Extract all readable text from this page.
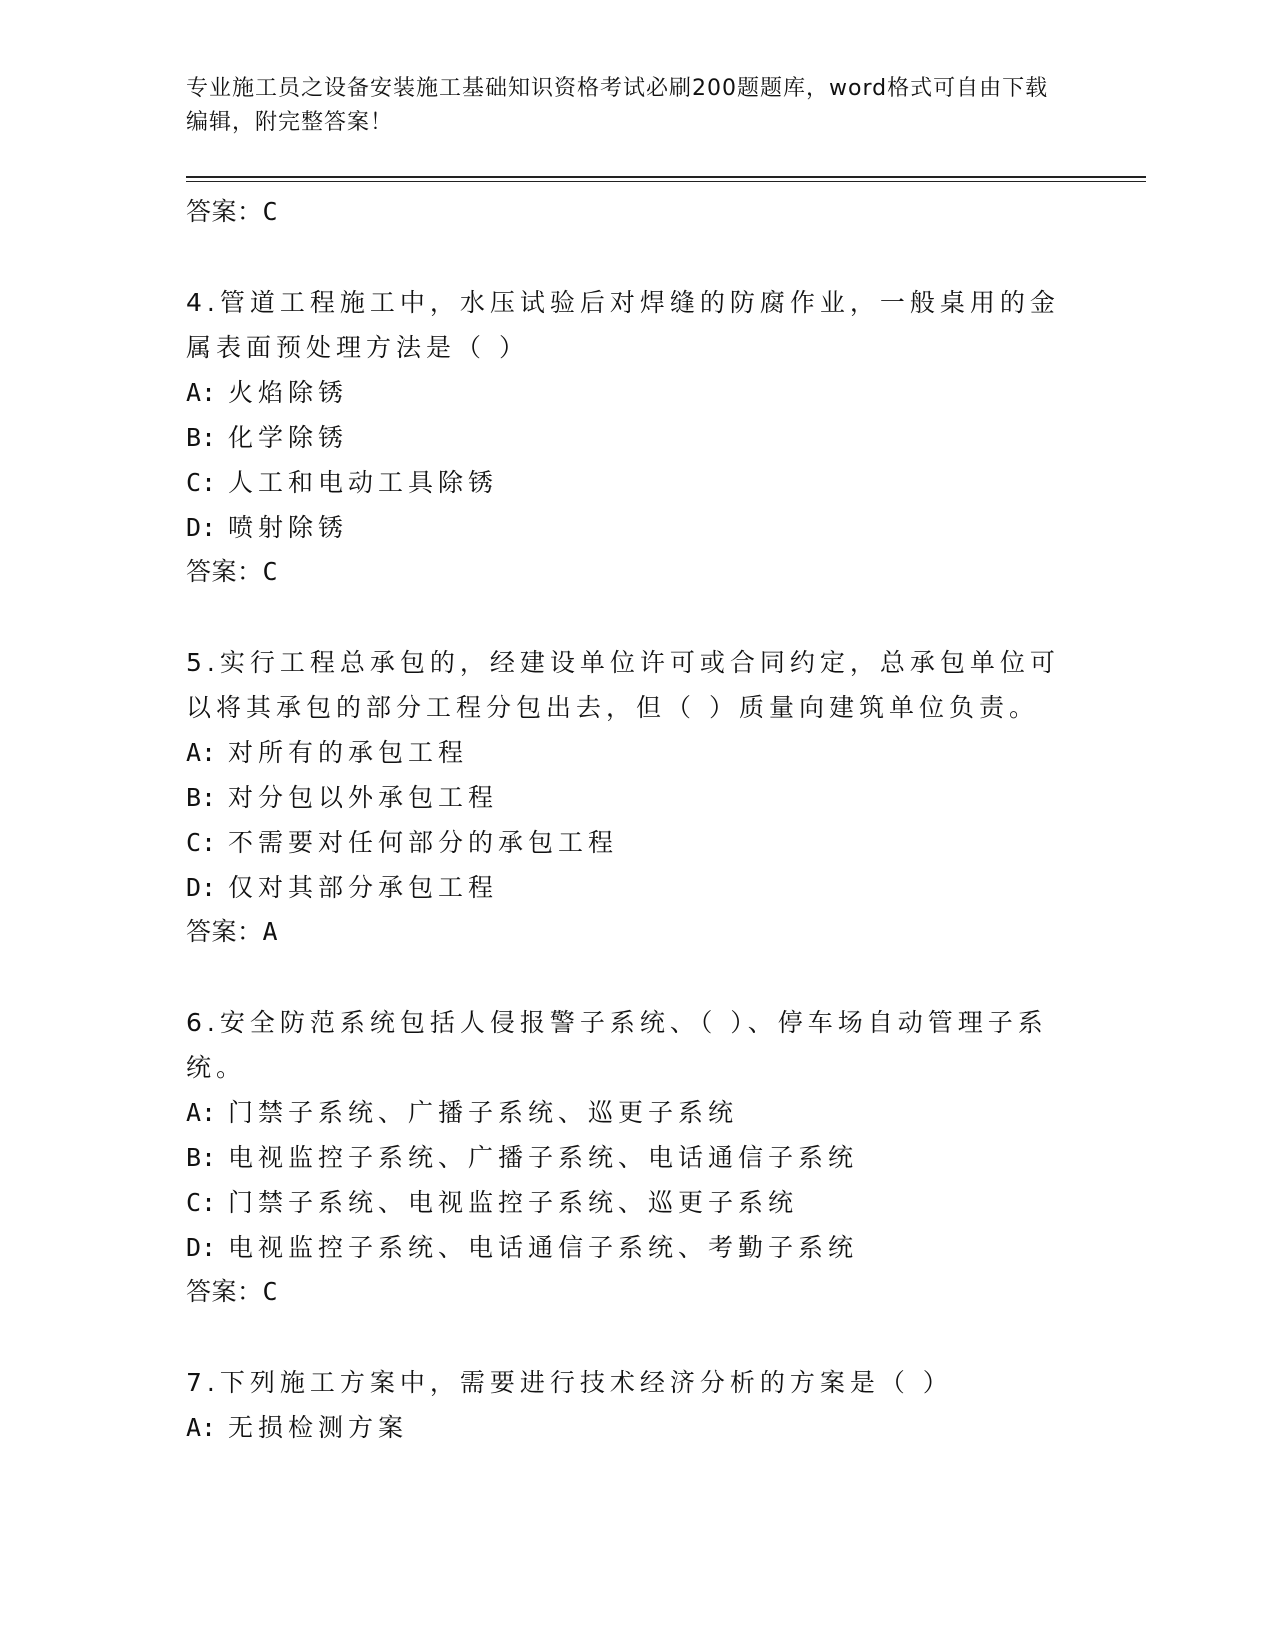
专业施工员之设备安装施工基础知识资格考试必刷200题题库，word格式可自由下载编辑，附完整答案！
答案：C
4.管道工程施工中，水压试验后对焊缝的防腐作业，一般桌用的金属表面预处理方法是（ ）
A: 火焰除锈
B: 化学除锈
C: 人工和电动工具除锈
D: 喷射除锈
答案：C
5.实行工程总承包的，经建设单位许可或合同约定，总承包单位可以将其承包的部分工程分包出去，但（ ）质量向建筑单位负责。
A: 对所有的承包工程
B: 对分包以外承包工程
C: 不需要对任何部分的承包工程
D: 仅对其部分承包工程
答案：A
6.安全防范系统包括人侵报警子系统、（ ）、停车场自动管理子系统。
A: 门禁子系统、广播子系统、巡更子系统
B: 电视监控子系统、广播子系统、电话通信子系统
C: 门禁子系统、电视监控子系统、巡更子系统
D: 电视监控子系统、电话通信子系统、考勤子系统
答案：C
7.下列施工方案中，需要进行技术经济分析的方案是（ ）
A: 无损检测方案
